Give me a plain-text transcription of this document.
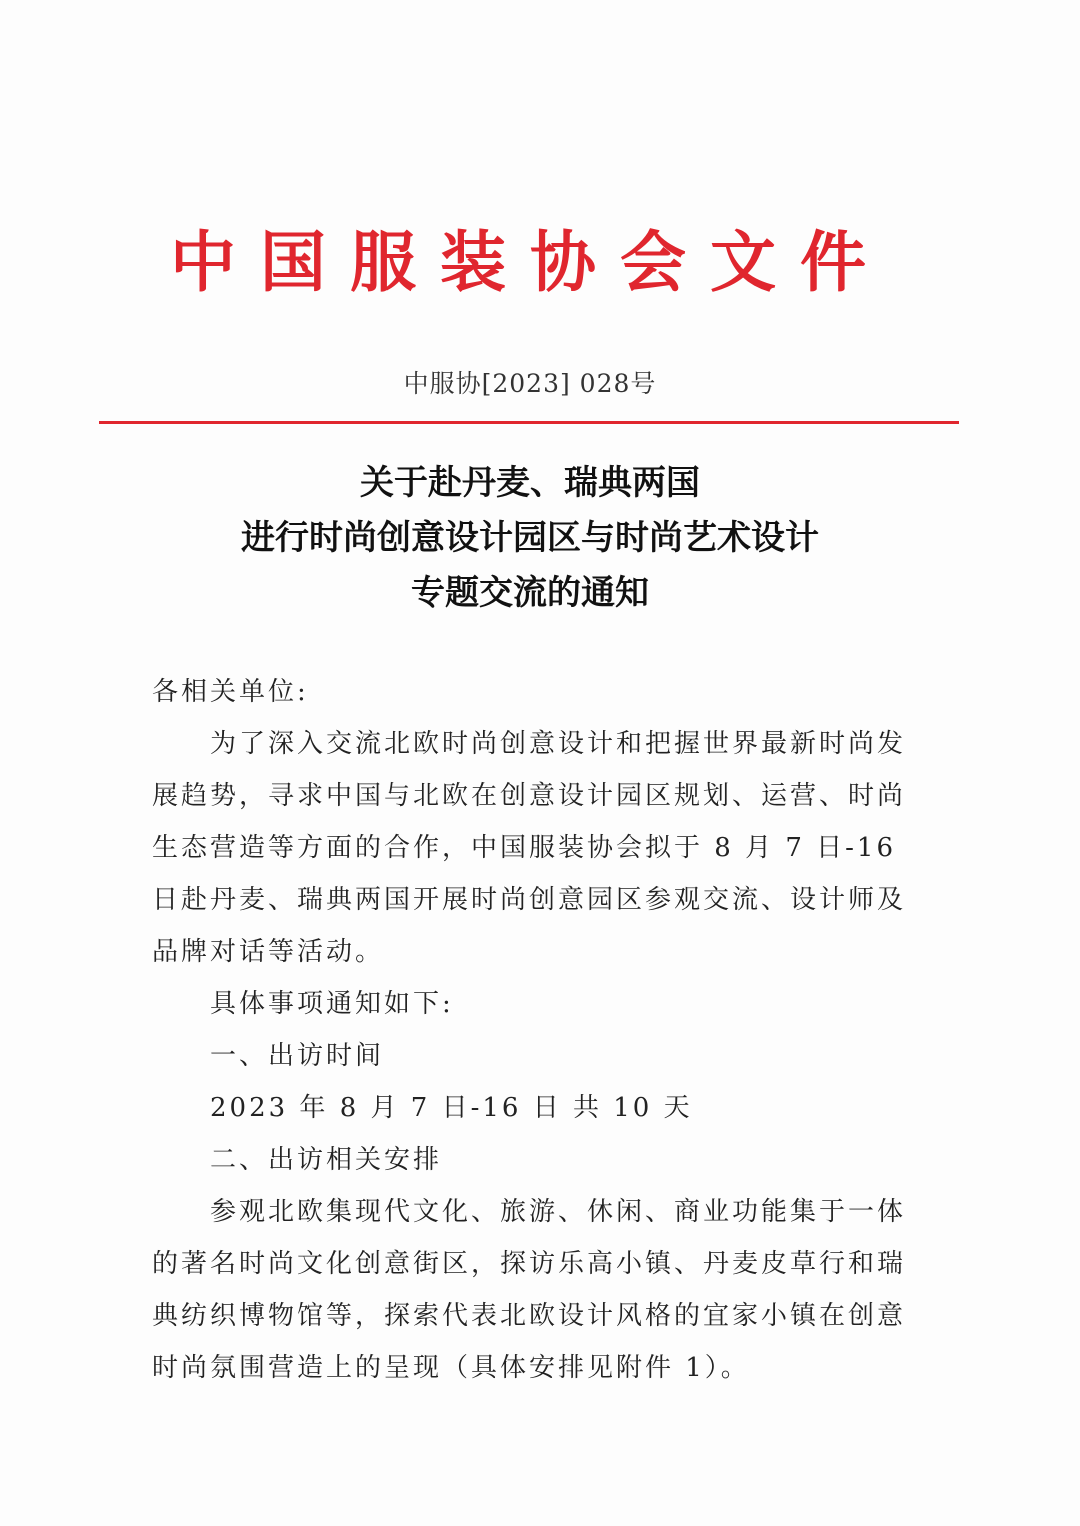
中国服装协会文件
中服协[2023] 028号
关于赴丹麦、瑞典两国
进行时尚创意设计园区与时尚艺术设计
专题交流的通知

各相关单位:

为了深入交流北欧时尚创意设计和把握世界最新时尚发展趋势，寻求中国与北欧在创意设计园区规划、运营、时尚生态营造等方面的合作，中国服装协会拟于 8 月 7 日-16 日赴丹麦、瑞典两国开展时尚创意园区参观交流、设计师及品牌对话等活动。

具体事项通知如下:

一、出访时间

2023 年 8 月 7 日-16 日 共 10 天

二、出访相关安排

参观北欧集现代文化、旅游、休闲、商业功能集于一体的著名时尚文化创意街区，探访乐高小镇、丹麦皮草行和瑞典纺织博物馆等，探索代表北欧设计风格的宜家小镇在创意时尚氛围营造上的呈现（具体安排见附件 1）。
